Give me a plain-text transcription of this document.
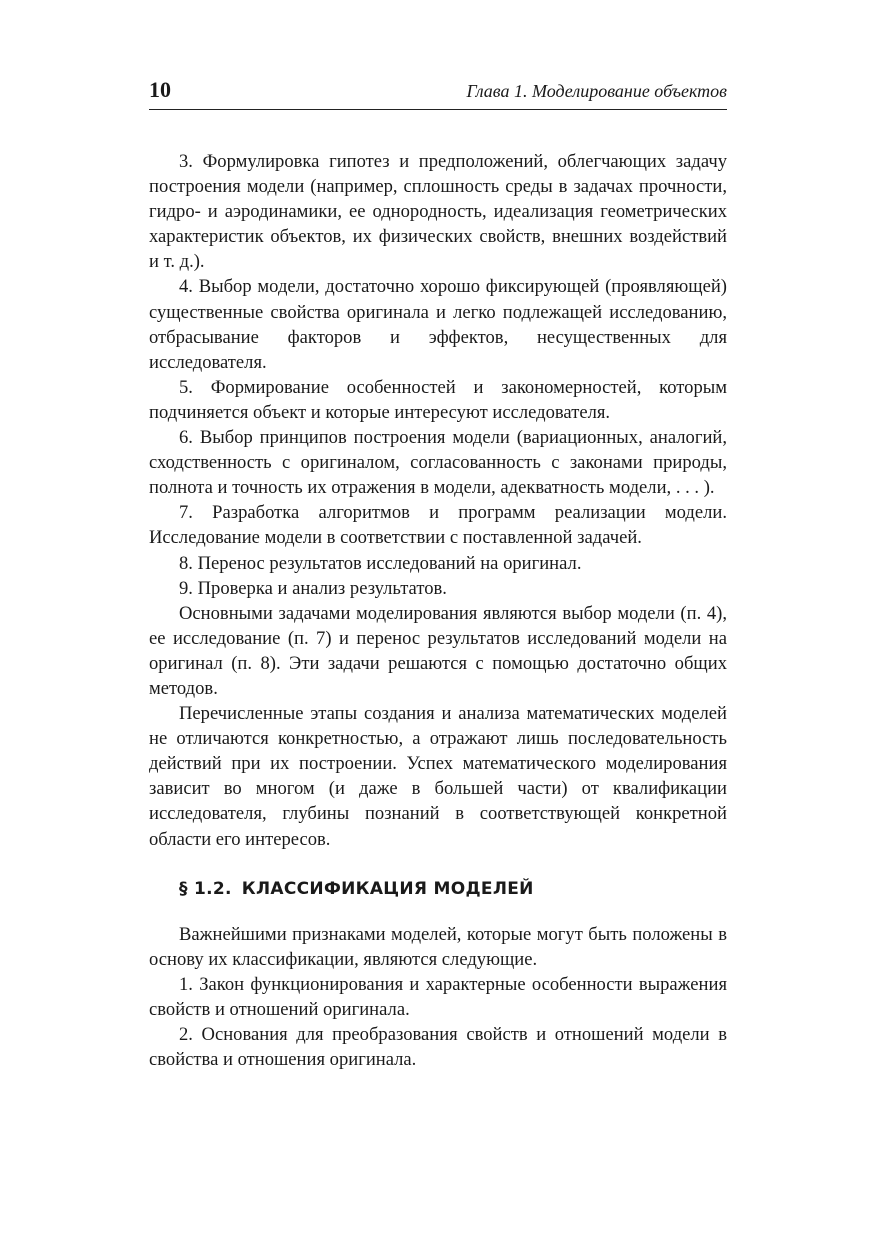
10	Глава 1. Моделирование объектов

3. Формулировка гипотез и предположений, облегчающих задачу построения модели (например, сплошность среды в задачах прочности, гидро- и аэродинамики, ее однородность, идеализация геометрических характеристик объектов, их физических свойств, внешних воздействий и т. д.).

4. Выбор модели, достаточно хорошо фиксирующей (проявляющей) существенные свойства оригинала и легко подлежащей исследованию, отбрасывание факторов и эффектов, несущественных для исследователя.

5. Формирование особенностей и закономерностей, которым подчиняется объект и которые интересуют исследователя.

6. Выбор принципов построения модели (вариационных, аналогий, сходственность с оригиналом, согласованность с законами природы, полнота и точность их отражения в модели, адекватность модели, . . . ).

7. Разработка алгоритмов и программ реализации модели. Исследование модели в соответствии с поставленной задачей.

8. Перенос результатов исследований на оригинал.

9. Проверка и анализ результатов.

Основными задачами моделирования являются выбор модели (п. 4), ее исследование (п. 7) и перенос результатов исследований модели на оригинал (п. 8). Эти задачи решаются с помощью достаточно общих методов.

Перечисленные этапы создания и анализа математических моделей не отличаются конкретностью, а отражают лишь последовательность действий при их построении. Успех математического моделирования зависит во многом (и даже в большей части) от квалификации исследователя, глубины познаний в соответствующей конкретной области его интересов.

§ 1.2. КЛАССИФИКАЦИЯ МОДЕЛЕЙ

Важнейшими признаками моделей, которые могут быть положены в основу их классификации, являются следующие.

1. Закон функционирования и характерные особенности выражения свойств и отношений оригинала.

2. Основания для преобразования свойств и отношений модели в свойства и отношения оригинала.
